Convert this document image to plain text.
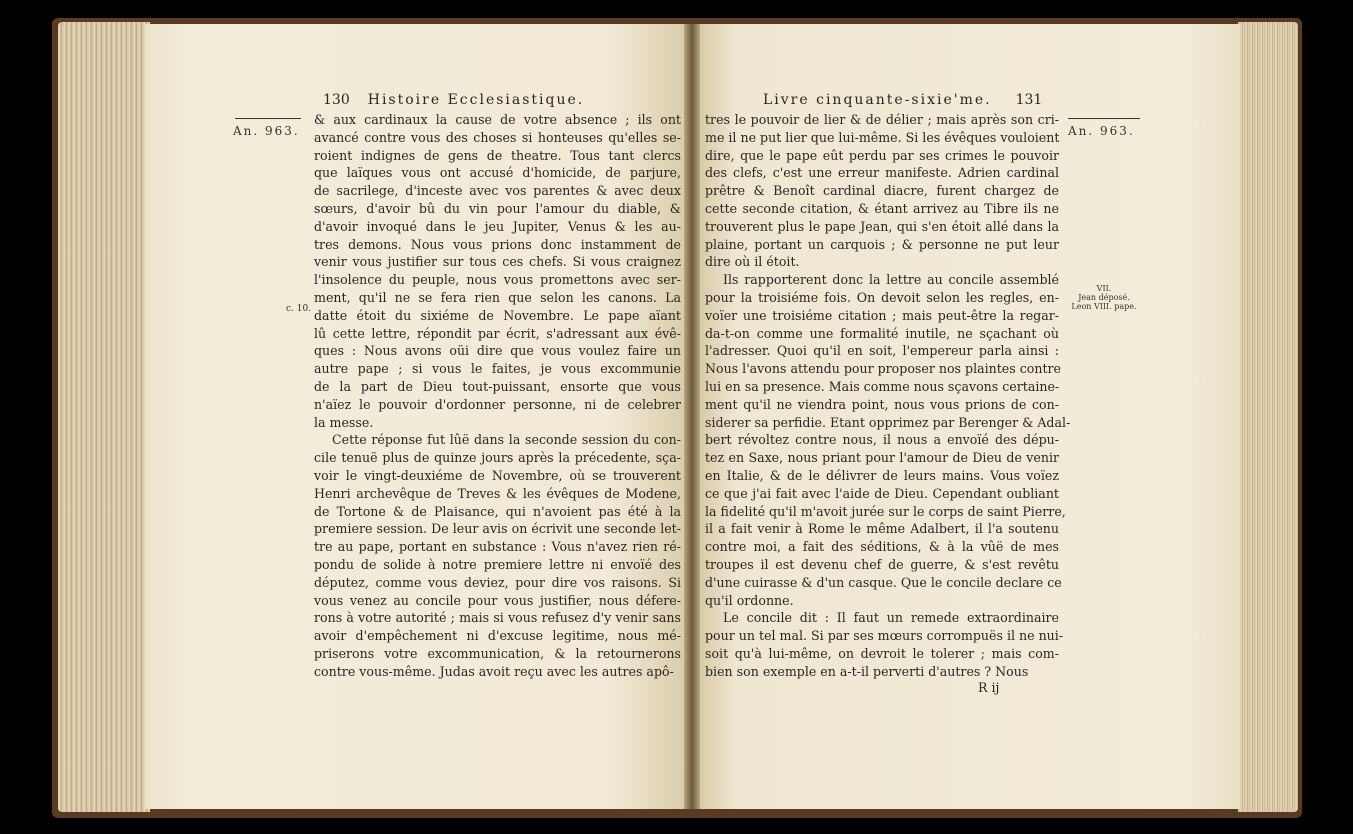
130 Histoire Ecclesiastique.
An. 963.
c. 10.
& aux cardinaux la cause de votre absence ; ils ont
avancé contre vous des choses si honteuses qu'elles se-
roient indignes de gens de theatre. Tous tant clercs
que laïques vous ont accusé d'homicide, de parjure,
de sacrilege, d'inceste avec vos parentes & avec deux
sœurs, d'avoir bû du vin pour l'amour du diable, &
d'avoir invoqué dans le jeu Jupiter, Venus & les au-
tres demons. Nous vous prions donc instamment de
venir vous justifier sur tous ces chefs. Si vous craignez
l'insolence du peuple, nous vous promettons avec ser-
ment, qu'il ne se fera rien que selon les canons. La
datte étoit du sixiéme de Novembre. Le pape aïant
lû cette lettre, répondit par écrit, s'adressant aux évê-
ques : Nous avons oüi dire que vous voulez faire un
autre pape ; si vous le faites, je vous excommunie
de la part de Dieu tout-puissant, ensorte que vous
n'aïez le pouvoir d'ordonner personne, ni de celebrer
la messe.
Cette réponse fut lûë dans la seconde session du con-
cile tenuë plus de quinze jours après la précedente, sça-
voir le vingt-deuxiéme de Novembre, où se trouverent
Henri archevêque de Treves & les évêques de Modene,
de Tortone & de Plaisance, qui n'avoient pas été à la
premiere session. De leur avis on écrivit une seconde let-
tre au pape, portant en substance : Vous n'avez rien ré-
pondu de solide à notre premiere lettre ni envoïé des
députez, comme vous deviez, pour dire vos raisons. Si
vous venez au concile pour vous justifier, nous défere-
rons à votre autorité ; mais si vous refusez d'y venir sans
avoir d'empêchement ni d'excuse legitime, nous mé-
priserons votre excommunication, & la retournerons
contre vous-même. Judas avoit reçu avec les autres apô-
Livre cinquante-sixie'me. 131
An. 963.
VII.
Jean déposé.
Leon VIII. pape.
tres le pouvoir de lier & de délier ; mais après son cri-
me il ne put lier que lui-même. Si les évêques vouloient
dire, que le pape eût perdu par ses crimes le pouvoir
des clefs, c'est une erreur manifeste. Adrien cardinal
prêtre & Benoît cardinal diacre, furent chargez de
cette seconde citation, & étant arrivez au Tibre ils ne
trouverent plus le pape Jean, qui s'en étoit allé dans la
plaine, portant un carquois ; & personne ne put leur
dire où il étoit.
Ils rapporterent donc la lettre au concile assemblé
pour la troisiéme fois. On devoit selon les regles, en-
voïer une troisiéme citation ; mais peut-être la regar-
da-t-on comme une formalité inutile, ne sçachant où
l'adresser. Quoi qu'il en soit, l'empereur parla ainsi :
Nous l'avons attendu pour proposer nos plaintes contre
lui en sa presence. Mais comme nous sçavons certaine-
ment qu'il ne viendra point, nous vous prions de con-
siderer sa perfidie. Etant opprimez par Berenger & Adal-
bert révoltez contre nous, il nous a envoïé des dépu-
tez en Saxe, nous priant pour l'amour de Dieu de venir
en Italie, & de le délivrer de leurs mains. Vous voïez
ce que j'ai fait avec l'aide de Dieu. Cependant oubliant
la fidelité qu'il m'avoit jurée sur le corps de saint Pierre,
il a fait venir à Rome le même Adalbert, il l'a soutenu
contre moi, a fait des séditions, & à la vûë de mes
troupes il est devenu chef de guerre, & s'est revêtu
d'une cuirasse & d'un casque. Que le concile declare ce
qu'il ordonne.
Le concile dit : Il faut un remede extraordinaire
pour un tel mal. Si par ses mœurs corrompuës il ne nui-
soit qu'à lui-même, on devroit le tolerer ; mais com-
bien son exemple en a-t-il perverti d'autres ? Nous
R ij
